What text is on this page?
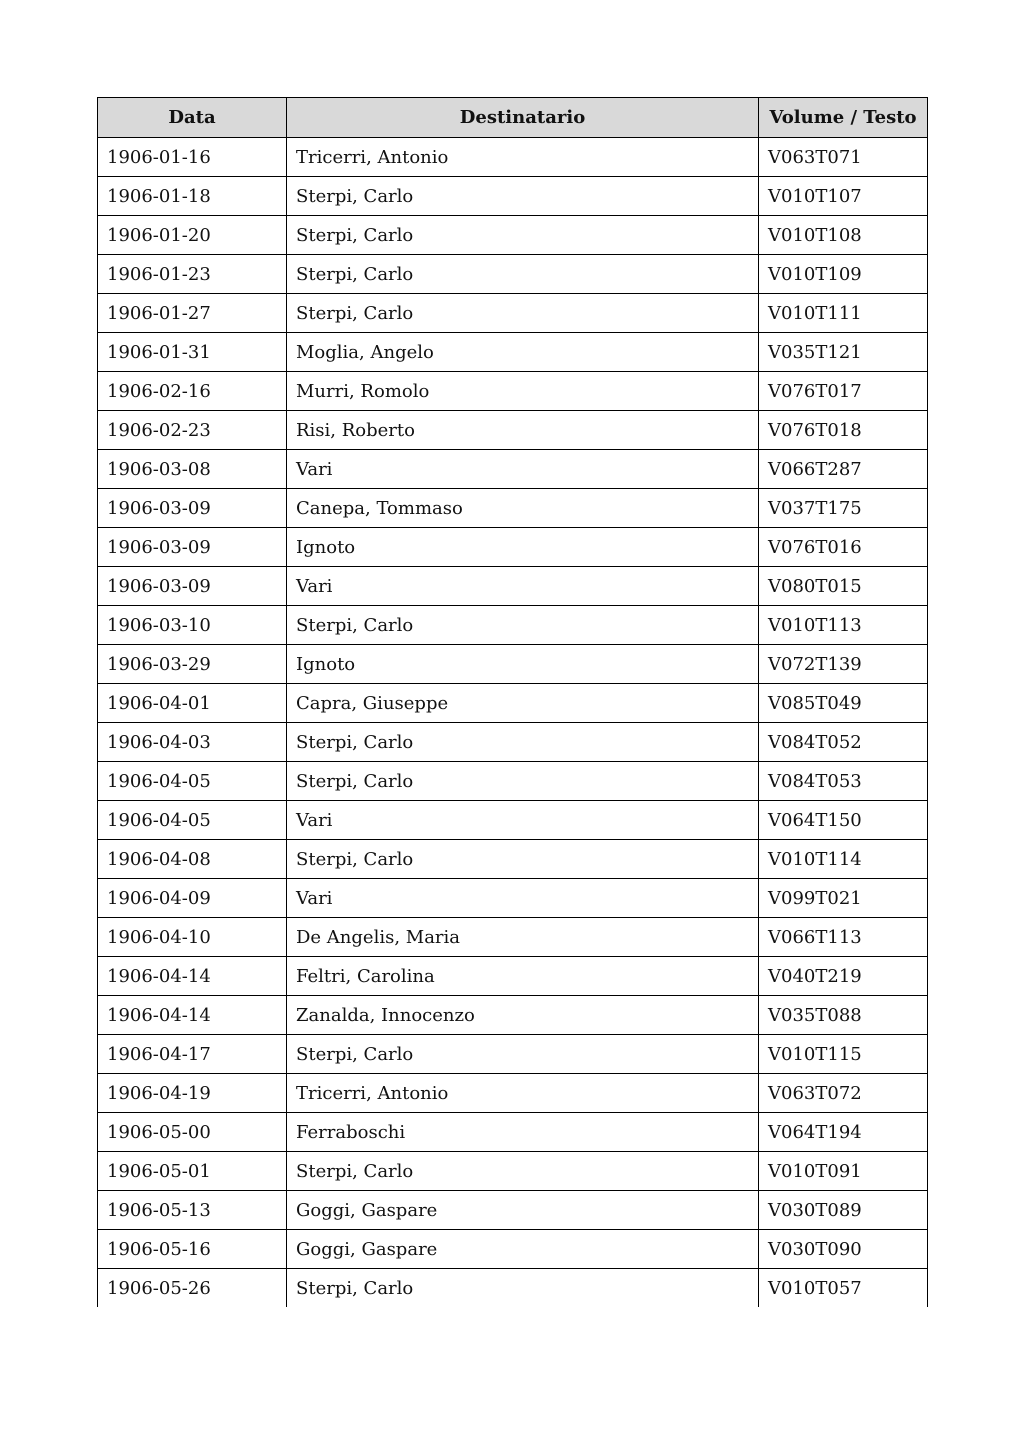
Data	Destinatario	Volume / Testo
1906-01-16	Tricerri, Antonio	V063T071
1906-01-18	Sterpi, Carlo	V010T107
1906-01-20	Sterpi, Carlo	V010T108
1906-01-23	Sterpi, Carlo	V010T109
1906-01-27	Sterpi, Carlo	V010T111
1906-01-31	Moglia, Angelo	V035T121
1906-02-16	Murri, Romolo	V076T017
1906-02-23	Risi, Roberto	V076T018
1906-03-08	Vari	V066T287
1906-03-09	Canepa, Tommaso	V037T175
1906-03-09	Ignoto	V076T016
1906-03-09	Vari	V080T015
1906-03-10	Sterpi, Carlo	V010T113
1906-03-29	Ignoto	V072T139
1906-04-01	Capra, Giuseppe	V085T049
1906-04-03	Sterpi, Carlo	V084T052
1906-04-05	Sterpi, Carlo	V084T053
1906-04-05	Vari	V064T150
1906-04-08	Sterpi, Carlo	V010T114
1906-04-09	Vari	V099T021
1906-04-10	De Angelis, Maria	V066T113
1906-04-14	Feltri, Carolina	V040T219
1906-04-14	Zanalda, Innocenzo	V035T088
1906-04-17	Sterpi, Carlo	V010T115
1906-04-19	Tricerri, Antonio	V063T072
1906-05-00	Ferraboschi	V064T194
1906-05-01	Sterpi, Carlo	V010T091
1906-05-13	Goggi, Gaspare	V030T089
1906-05-16	Goggi, Gaspare	V030T090
1906-05-26	Sterpi, Carlo	V010T057
